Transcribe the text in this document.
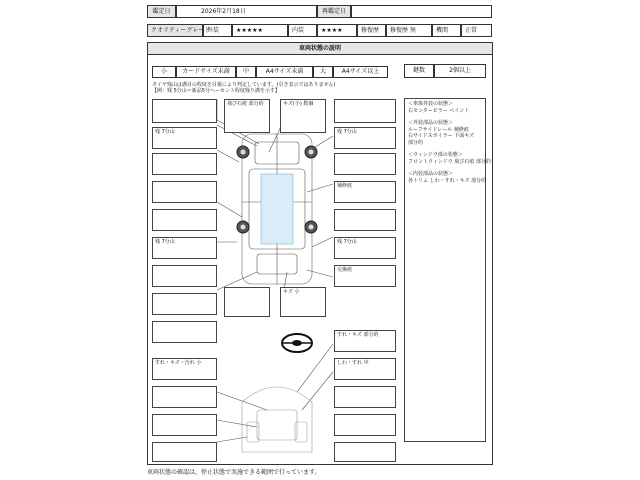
鑑定日	2026年2月18日	再鑑定日
クオリティーグレード
外装	★★★★★	内装	★★★★	修復歴	修復歴 無	機関	正常
車両状態の説明
小	カードサイズ未満	中	A4サイズ未満	大	A4サイズ以上	鍵数	2個以上
タイヤ残山は溝目の程度を目視により判定しています。(引き表示ではありません)
【例：残 5分山＝新品5分へーセント程度残り溝を示す】

＜車体外装の状態＞

右センターピラー ペイント

＜外装部品の状態＞

ルーフサイドレール 補修痕

右サイドスポイラー 下面キズ

部分的

＜ウィンドウ部の状態＞

フロントウィンドウ 飛び石痕 部分的

＜内装部品の状態＞

各トリム しわ・すれ・キズ 部分的

飛び石痕 部分的	キズ(小) 数個
残 7分山	残 7分山
補修痕
残 7分山	残 7分山
交換痕
キズ 小
すれ・キズ 部分的
すれ・キズ・汚れ 小	しわ・すれ 中
車両状態の確認は，停止状態で実施できる範囲で行っています。
